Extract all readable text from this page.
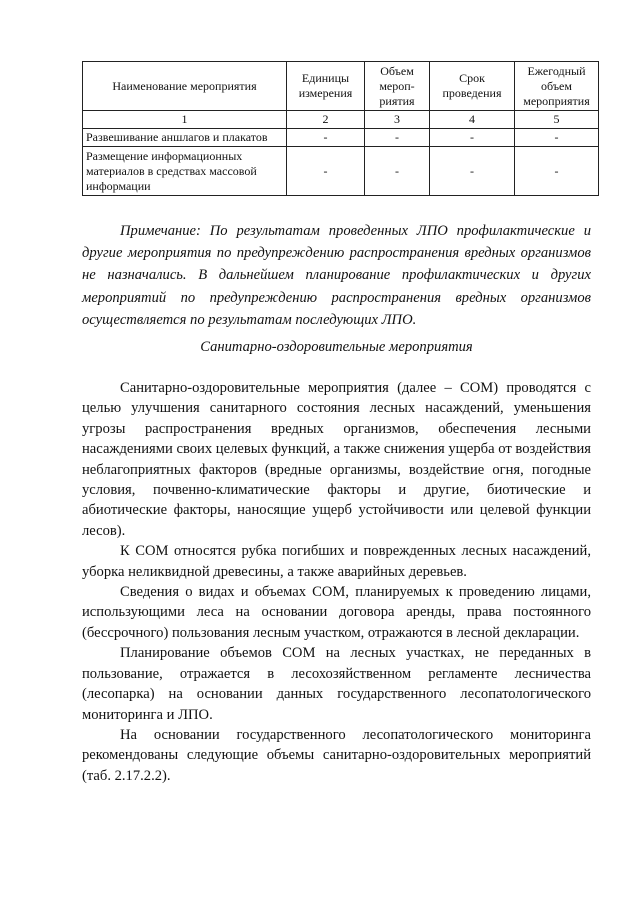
Наименование мероприятия	Единицы измерения	Объем мероп-риятия	Срок проведения	Ежегодный объем мероприятия
1	2	3	4	5
Развешивание аншлагов и плакатов	-	-	-	-
Размещение информационных материалов в средствах массовой информации	-	-	-	-

Примечание: По результатам проведенных ЛПО профилактические и другие мероприятия по предупреждению распространения вредных организмов не назначались. В дальнейшем планирование профилактических и других мероприятий по предупреждению распространения вредных организмов осуществляется по результатам последующих ЛПО.

Санитарно-оздоровительные мероприятия

Санитарно-оздоровительные мероприятия (далее – СОМ) проводятся с целью улучшения санитарного состояния лесных насаждений, уменьшения угрозы распространения вредных организмов, обеспечения лесными насаждениями своих целевых функций, а также снижения ущерба от воздействия неблагоприятных факторов (вредные организмы, воздействие огня, погодные условия, почвенно-климатические факторы и другие, биотические и абиотические факторы, наносящие ущерб устойчивости или целевой функции лесов).

К СОМ относятся рубка погибших и поврежденных лесных насаждений, уборка неликвидной древесины, а также аварийных деревьев.

Сведения о видах и объемах СОМ, планируемых к проведению лицами, использующими леса на основании договора аренды, права постоянного (бессрочного) пользования лесным участком, отражаются в лесной декларации.

Планирование объемов СОМ на лесных участках, не переданных в пользование, отражается в лесохозяйственном регламенте лесничества (лесопарка) на основании данных государственного лесопатологического мониторинга и ЛПО.

На основании государственного лесопатологического мониторинга рекомендованы следующие объемы санитарно-оздоровительных мероприятий (таб. 2.17.2.2).
